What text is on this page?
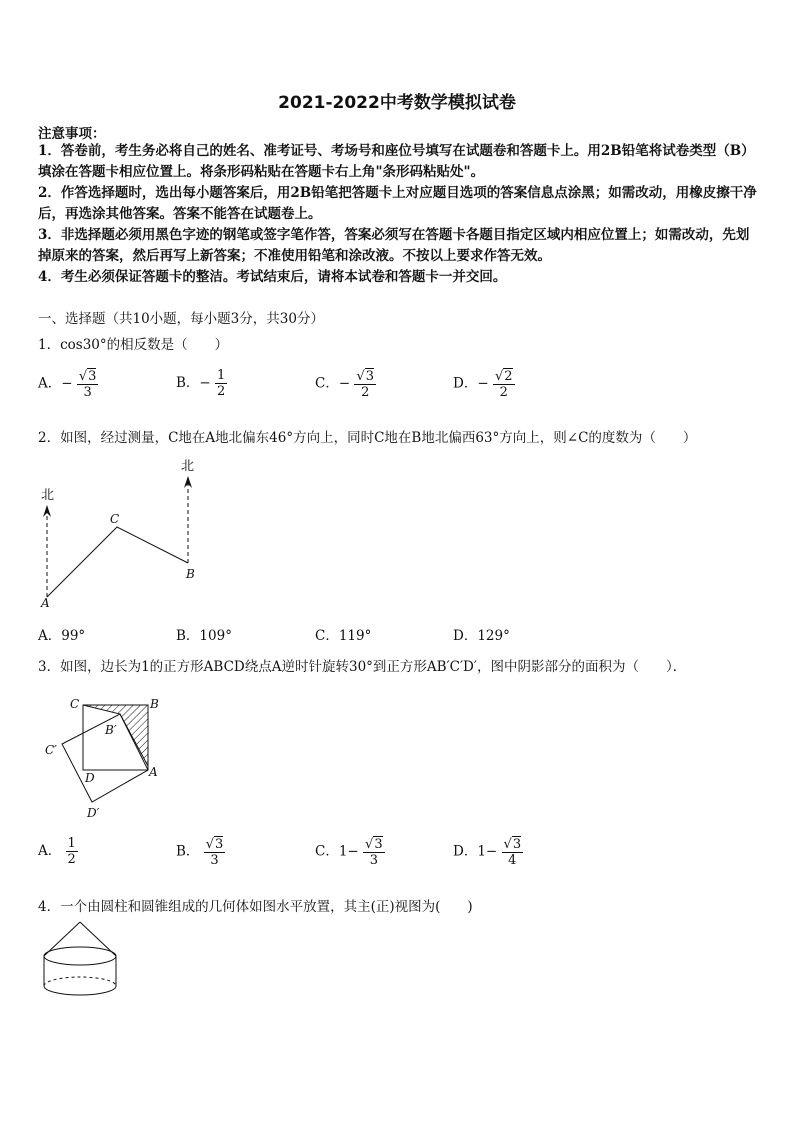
2021-2022中考数学模拟试卷
注意事项：
1．答卷前，考生务必将自己的姓名、准考证号、考场号和座位号填写在试题卷和答题卡上。用2B铅笔将试卷类型（B）填涂在答题卡相应位置上。将条形码粘贴在答题卡右上角"条形码粘贴处"。
2．作答选择题时，选出每小题答案后，用2B铅笔把答题卡上对应题目选项的答案信息点涂黑；如需改动，用橡皮擦干净后，再选涂其他答案。答案不能答在试题卷上。
3．非选择题必须用黑色字迹的钢笔或签字笔作答，答案必须写在答题卡各题目指定区域内相应位置上；如需改动，先划掉原来的答案，然后再写上新答案；不准使用铅笔和涂改液。不按以上要求作答无效。
4．考生必须保证答题卡的整洁。考试结束后，请将本试卷和答题卡一并交回。
一、选择题（共10小题，每小题3分，共30分）
1．cos30°的相反数是（　　）
A．− $\frac{√3}{3}$	B．− $\frac{1}{2}$	C．− $\frac{√3}{2}$	D．− $\frac{√2}{2}$
2．如图，经过测量，C地在A地北偏东46°方向上，同时C地在B地北偏西63°方向上，则∠C的度数为（　　）
北
北
A
C
B
A．99°	B．109°	C．119°	D．129°
3．如图，边长为1的正方形ABCD绕点A逆时针旋转30°到正方形AB′C′D′，图中阴影部分的面积为（　　）．
C	B
B′
C′
D	A
D′
A． $\frac{1}{2}$	B． $\frac{√3}{3}$	C．$1- \frac{√3}{3}$	D．$1- \frac{√3}{4}$
4．一个由圆柱和圆锥组成的几何体如图水平放置，其主(正)视图为(　　)
